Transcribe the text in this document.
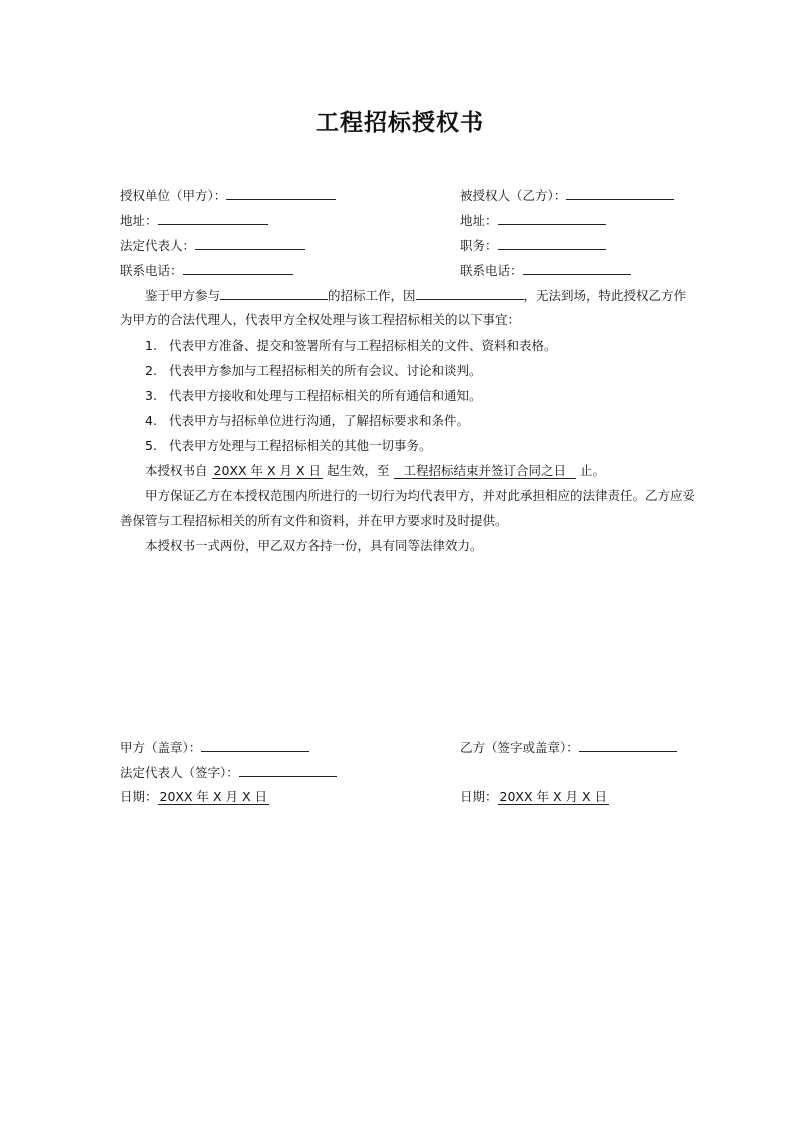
工程招标授权书
授权单位（甲方）：	被授权人（乙方）：
地址：	地址：
法定代表人：	职务：
联系电话：	联系电话：
鉴于甲方参与	的招标工作，因	，无法到场，特此授权乙方作
为甲方的合法代理人，代表甲方全权处理与该工程招标相关的以下事宜：
1. 代表甲方准备、提交和签署所有与工程招标相关的文件、资料和表格。
2. 代表甲方参加与工程招标相关的所有会议、讨论和谈判。
3. 代表甲方接收和处理与工程招标相关的所有通信和通知。
4. 代表甲方与招标单位进行沟通，了解招标要求和条件。
5. 代表甲方处理与工程招标相关的其他一切事务。
本授权书自 20XX 年 X 月 X 日 起生效，至 工程招标结束并签订合同之日 止。
甲方保证乙方在本授权范围内所进行的一切行为均代表甲方，并对此承担相应的法律责任。乙方应妥
善保管与工程招标相关的所有文件和资料，并在甲方要求时及时提供。
本授权书一式两份，甲乙双方各持一份，具有同等法律效力。
甲方（盖章）：	乙方（签字或盖章）：
法定代表人（签字）：
日期： 20XX 年 X 月 X 日	日期： 20XX 年 X 月 X 日
